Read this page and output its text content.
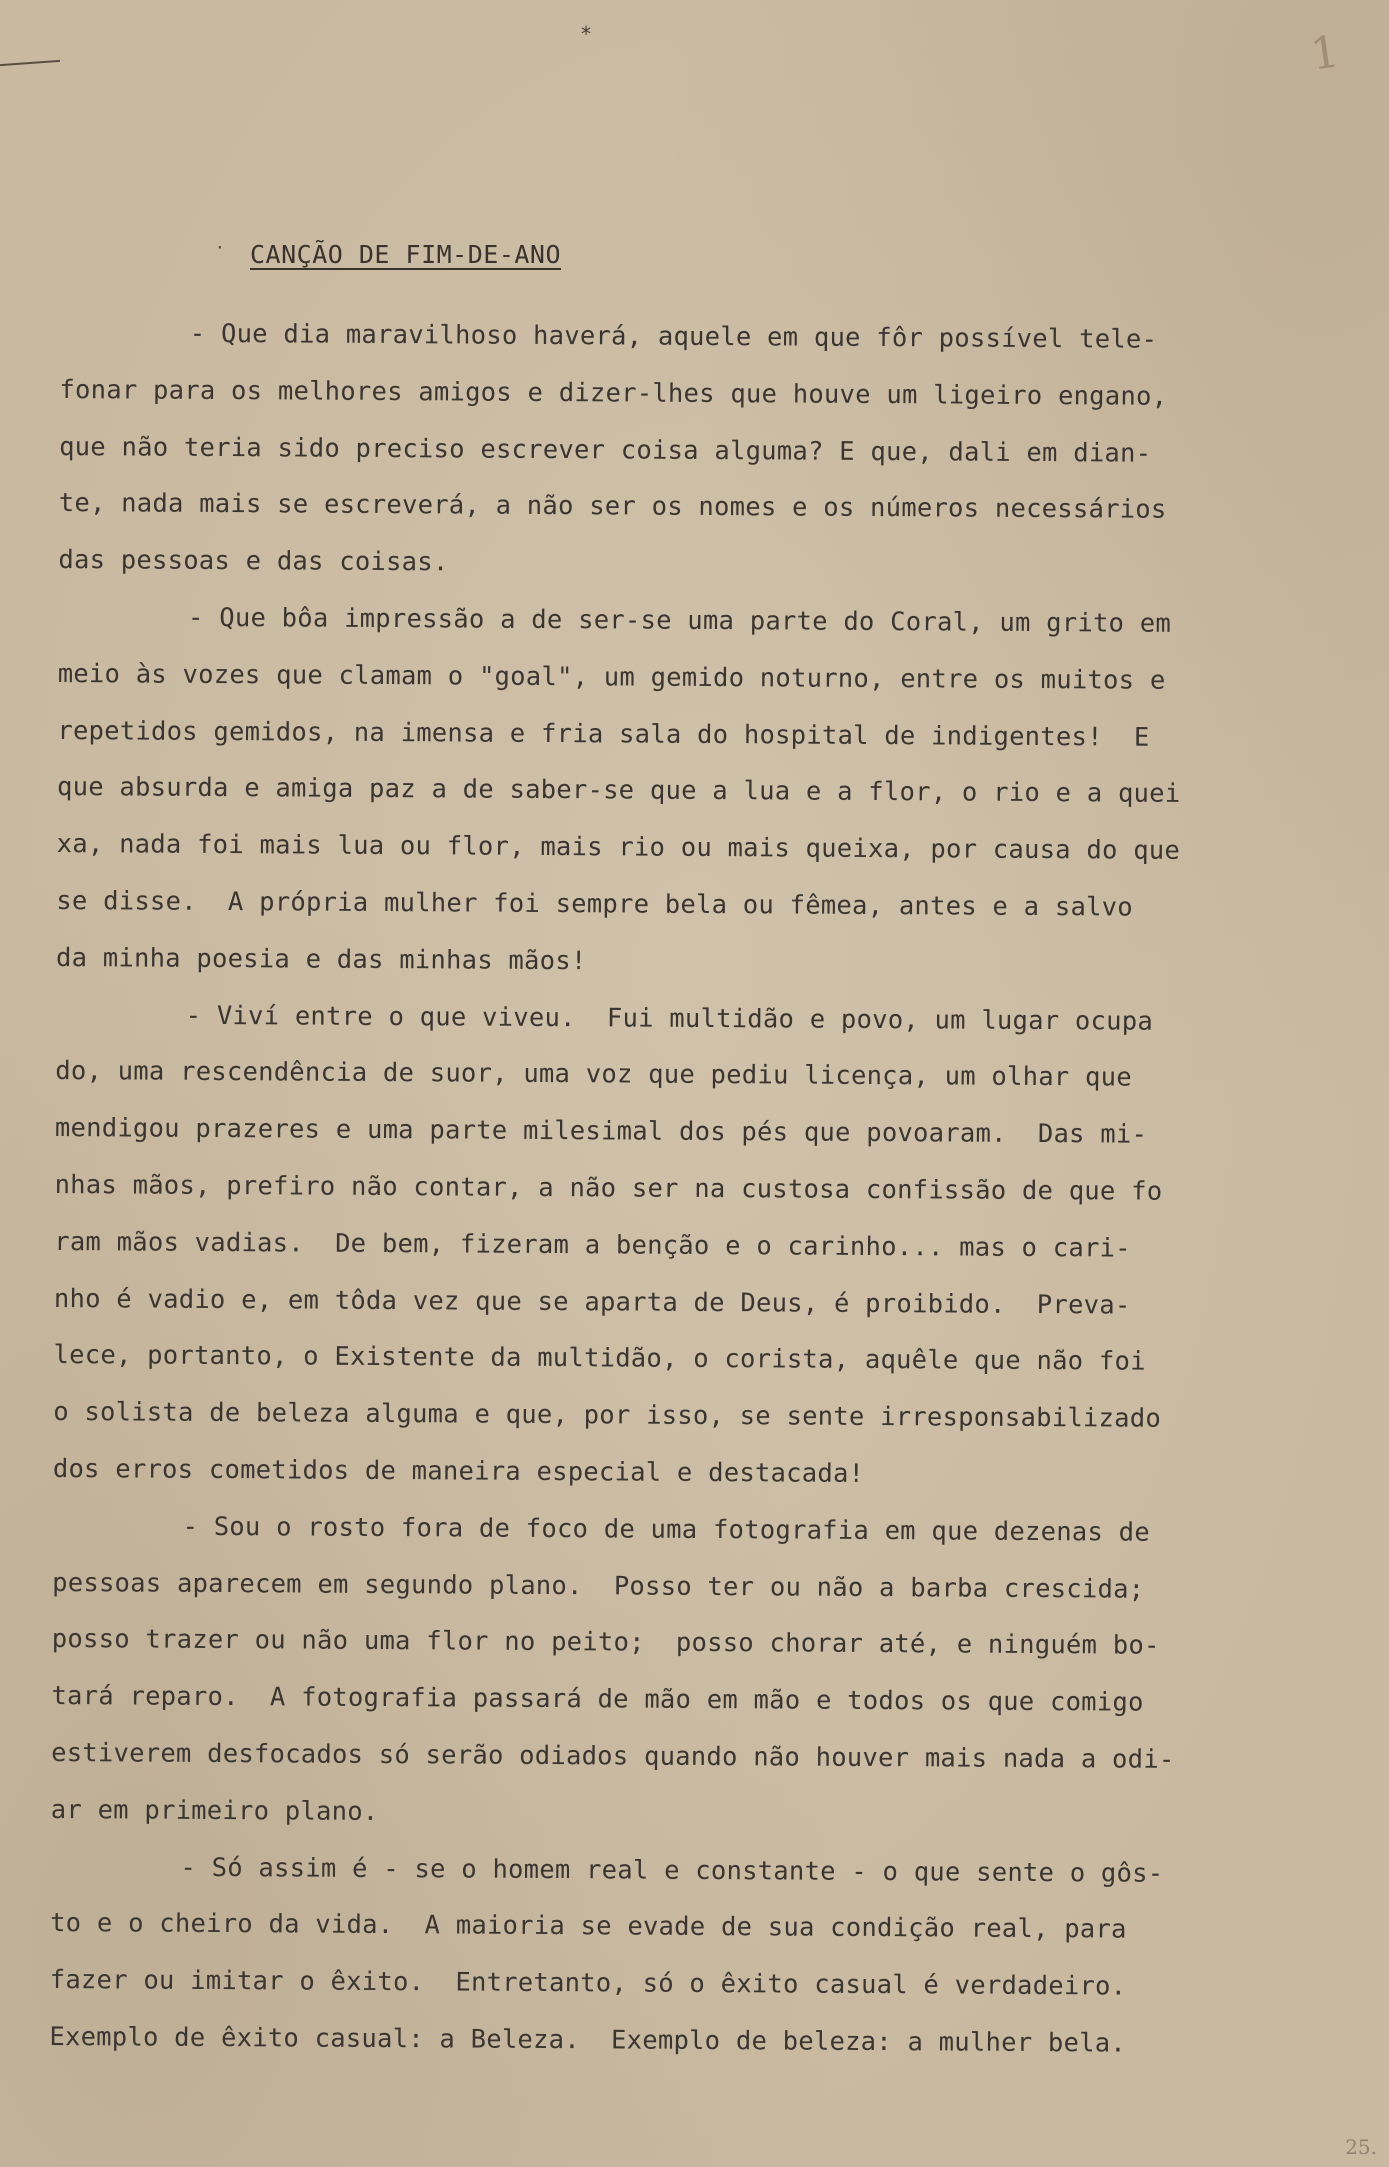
*	1
· CANÇÃO DE FIM-DE-ANO
- Que dia maravilhoso haverá, aquele em que fôr possível tele-
fonar para os melhores amigos e dizer-lhes que houve um ligeiro engano,
que não teria sido preciso escrever coisa alguma? E que, dali em dian-
te, nada mais se escreverá, a não ser os nomes e os números necessários
das pessoas e das coisas.
- Que bôa impressão a de ser-se uma parte do Coral, um grito em
meio às vozes que clamam o "goal", um gemido noturno, entre os muitos e
repetidos gemidos, na imensa e fria sala do hospital de indigentes!  E
que absurda e amiga paz a de saber-se que a lua e a flor, o rio e a quei
xa, nada foi mais lua ou flor, mais rio ou mais queixa, por causa do que
se disse.  A própria mulher foi sempre bela ou fêmea, antes e a salvo
da minha poesia e das minhas mãos!
- Viví entre o que viveu.  Fui multidão e povo, um lugar ocupa
do, uma rescendência de suor, uma voz que pediu licença, um olhar que
mendigou prazeres e uma parte milesimal dos pés que povoaram.  Das mi-
nhas mãos, prefiro não contar, a não ser na custosa confissão de que fo
ram mãos vadias.  De bem, fizeram a benção e o carinho... mas o cari-
nho é vadio e, em tôda vez que se aparta de Deus, é proibido.  Preva-
lece, portanto, o Existente da multidão, o corista, aquêle que não foi
o solista de beleza alguma e que, por isso, se sente irresponsabilizado
dos erros cometidos de maneira especial e destacada!
- Sou o rosto fora de foco de uma fotografia em que dezenas de
pessoas aparecem em segundo plano.  Posso ter ou não a barba crescida;
posso trazer ou não uma flor no peito;  posso chorar até, e ninguém bo-
tará reparo.  A fotografia passará de mão em mão e todos os que comigo
estiverem desfocados só serão odiados quando não houver mais nada a odi-
ar em primeiro plano.
- Só assim é - se o homem real e constante - o que sente o gôs-
to e o cheiro da vida.  A maioria se evade de sua condição real, para
fazer ou imitar o êxito.  Entretanto, só o êxito casual é verdadeiro.
Exemplo de êxito casual: a Beleza.  Exemplo de beleza: a mulher bela.
25.
